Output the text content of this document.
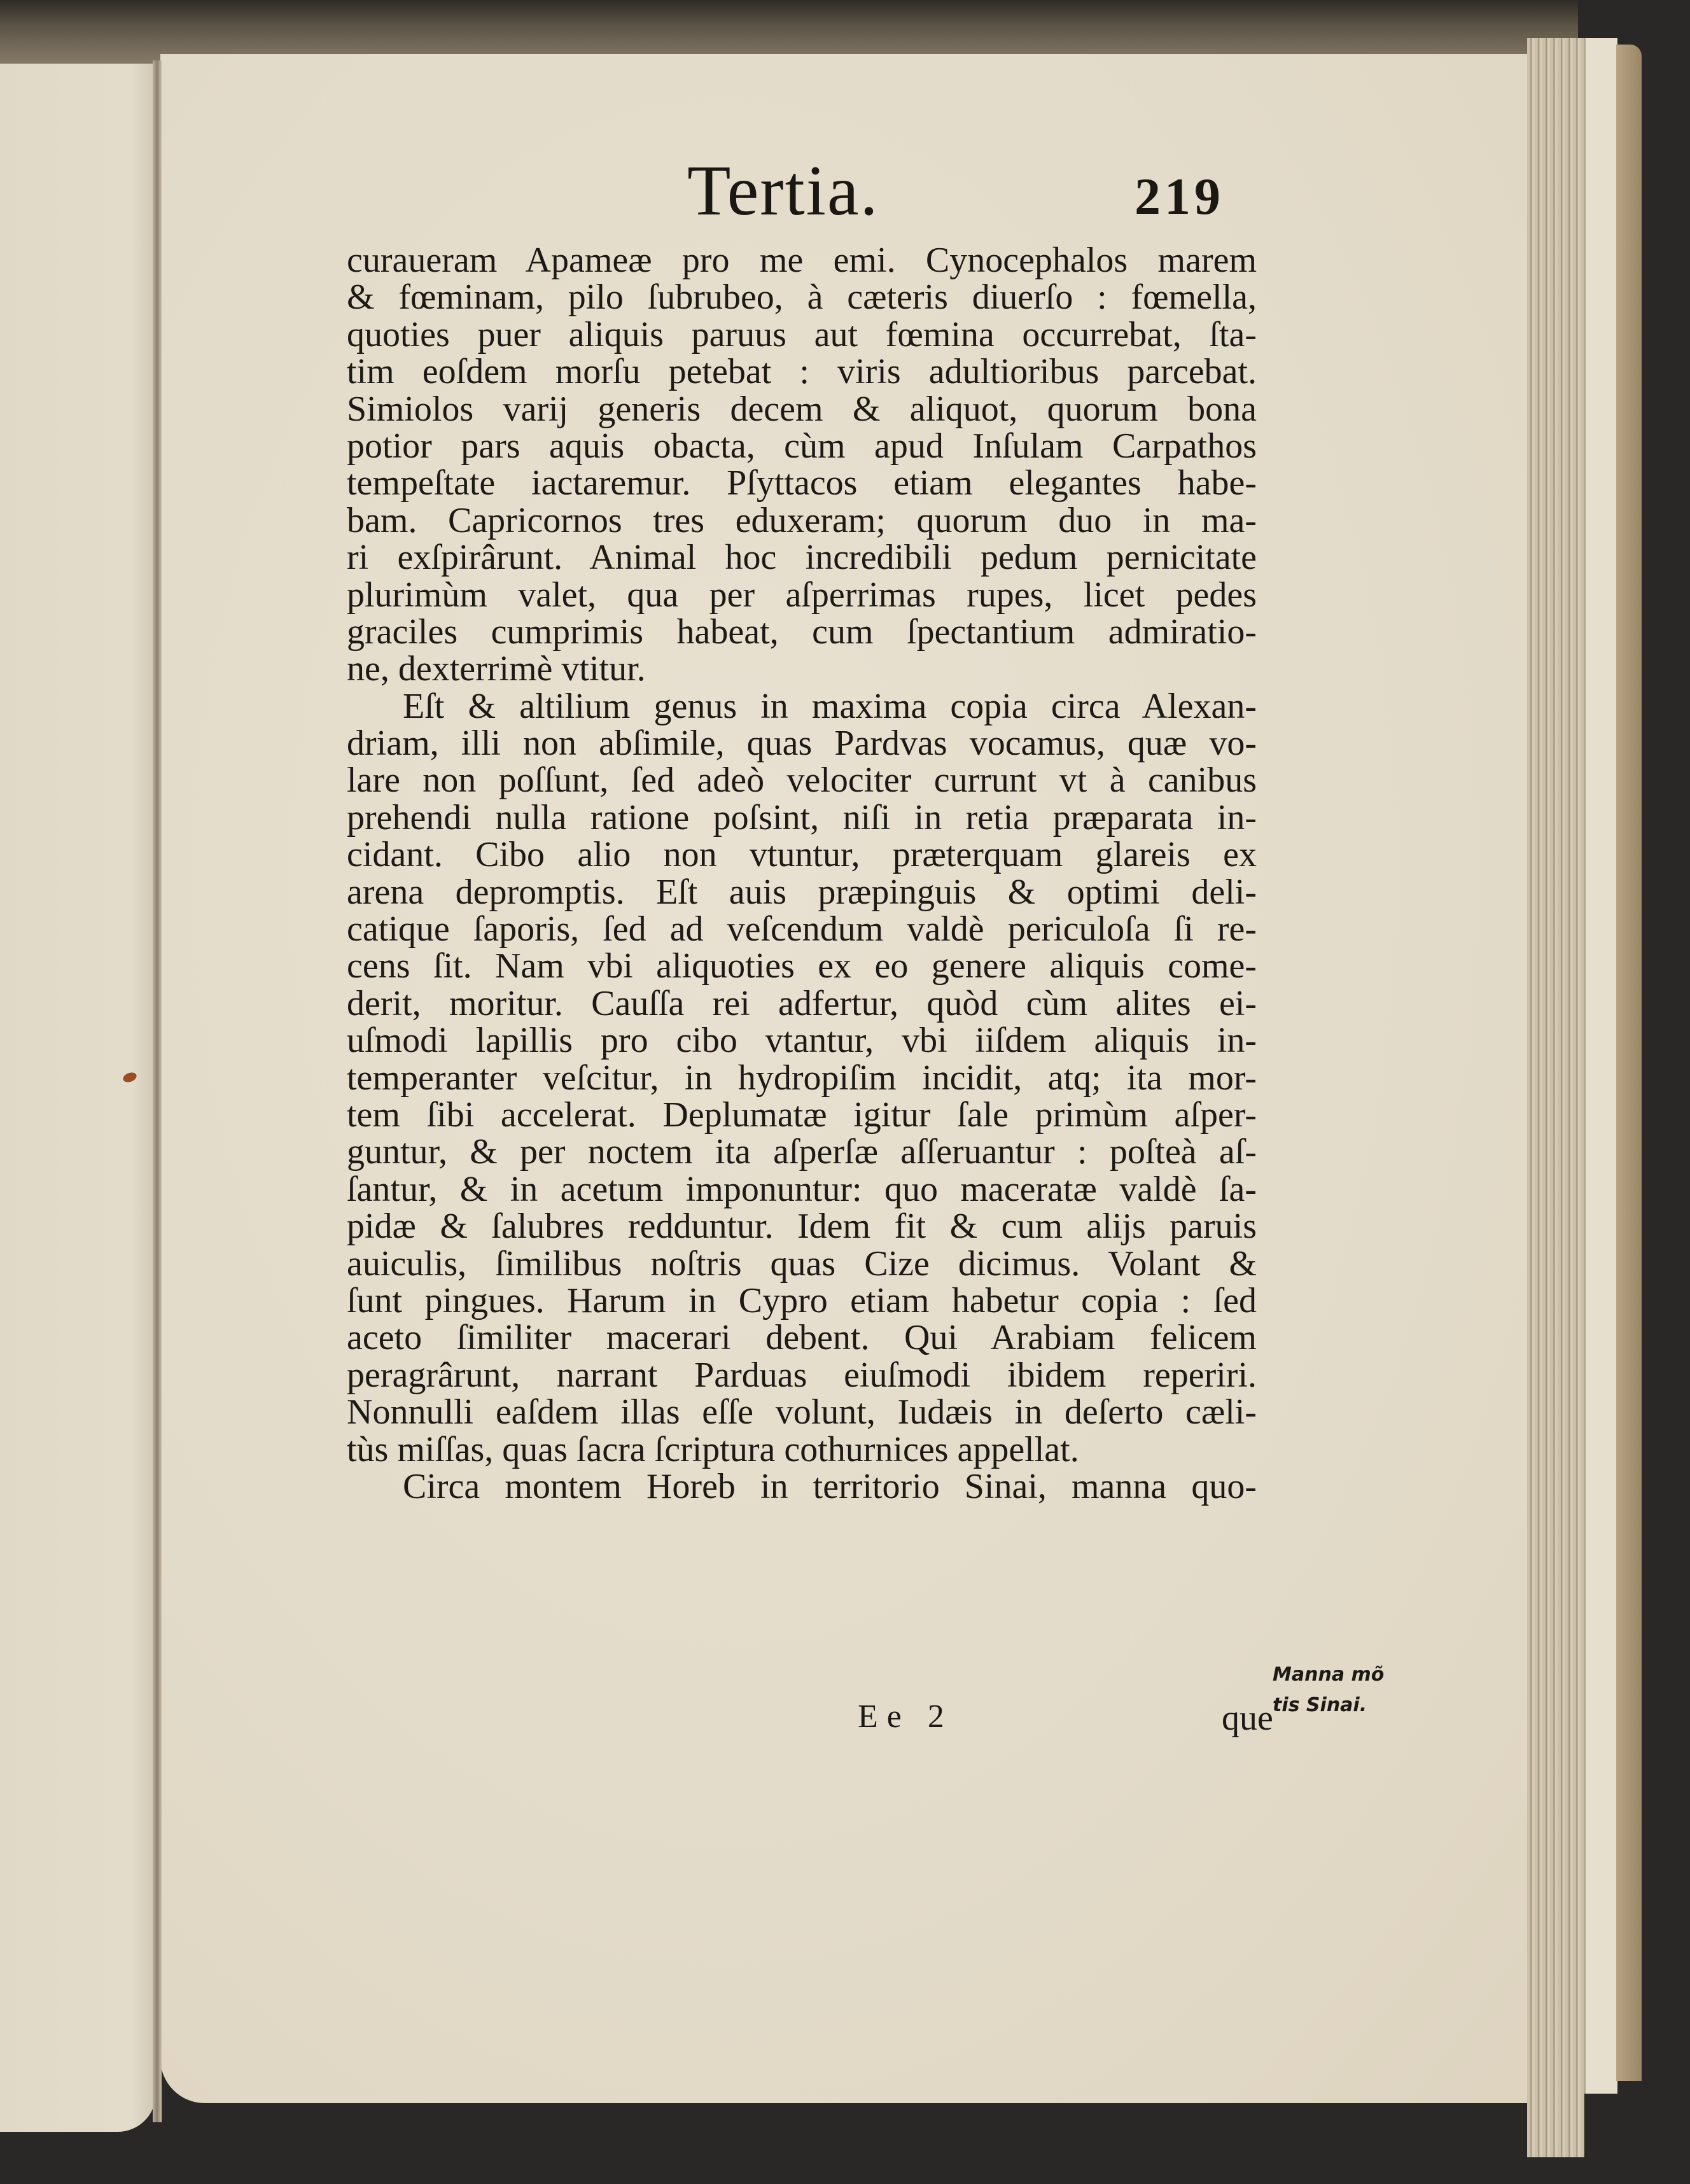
Tertia.	219
curaueram Apameæ pro me emi. Cynocephalos marem
& fœminam, pilo ſubrubeo, à cæteris diuerſo : fœmella,
quoties puer aliquis paruus aut fœmina occurrebat, ſta-
tim eoſdem morſu petebat : viris adultioribus parcebat.
Simiolos varij generis decem & aliquot, quorum bona
potior pars aquis obacta, cùm apud Inſulam Carpathos
tempeſtate iactaremur. Pſyttacos etiam elegantes habe-
bam. Capricornos tres eduxeram; quorum duo in ma-
ri exſpirârunt. Animal hoc incredibili pedum pernicitate
plurimùm valet, qua per aſperrimas rupes, licet pedes
graciles cumprimis habeat, cum ſpectantium admiratio-
ne, dexterrimè vtitur.
Eſt & altilium genus in maxima copia circa Alexan-
driam, illi non abſimile, quas Pardvas vocamus, quæ vo-
lare non poſſunt, ſed adeò velociter currunt vt à canibus
prehendi nulla ratione poſsint, niſi in retia præparata in-
cidant. Cibo alio non vtuntur, præterquam glareis ex
arena depromptis. Eſt auis præpinguis & optimi deli-
catique ſaporis, ſed ad veſcendum valdè periculoſa ſi re-
cens ſit. Nam vbi aliquoties ex eo genere aliquis come-
derit, moritur. Cauſſa rei adfertur, quòd cùm alites ei-
uſmodi lapillis pro cibo vtantur, vbi iiſdem aliquis in-
temperanter veſcitur, in hydropiſim incidit, atq; ita mor-
tem ſibi accelerat. Deplumatæ igitur ſale primùm aſper-
guntur, & per noctem ita aſperſæ aſſeruantur : poſteà aſ-
ſantur, & in acetum imponuntur: quo maceratæ valdè ſa-
pidæ & ſalubres redduntur. Idem fit & cum alijs paruis
auiculis, ſimilibus noſtris quas Cize dicimus. Volant &
ſunt pingues. Harum in Cypro etiam habetur copia : ſed
aceto ſimiliter macerari debent. Qui Arabiam felicem
peragrârunt, narrant Parduas eiuſmodi ibidem reperiri.
Nonnulli eaſdem illas eſſe volunt, Iudæis in deſerto cæli-
tùs miſſas, quas ſacra ſcriptura cothurnices appellat.
Circa montem Horeb in territorio Sinai, manna quo-
Manna mõ
tis Sinai.
Ee 2	que
